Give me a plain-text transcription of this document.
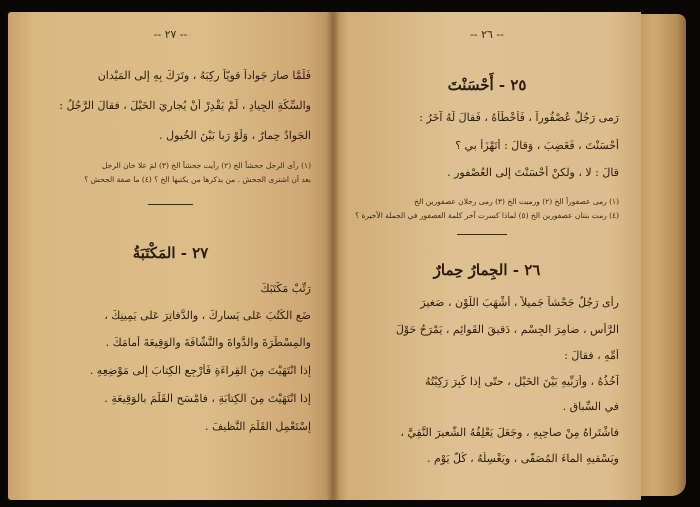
-- ٢٧ --
فَلَمَّا صارَ جَواداً قوِيّاً ركِبَهُ ، وتَرَكَ بِهِ إلى المَيْدانِ
والسِّكَةِ الجِيادِ ، لَمْ يَقْدِرْ أنْ يُجارِيَ الخَيْلَ ، فقالَ الرَّجُلُ :
الجَوادُ حِمارٌ ، وَلَوْ رَبا بَيْنَ الخُيولِ .
(١) رأى الرجل جحشاً الخ (٢) رأيت جحشاً الخ (٣) لمَ علا خان الرجل
بعد أن اشترى الجحش . من يذكرها من يكتبها الخ ؟ (٤) ما صفة الجحش ؟
٢٧ - المَكْتَبَةُ
رَتِّبْ مَكْتَبَكَ
ضَعِ الكُتُبَ عَلى يَسارِكَ ، والدَّفاتِرَ عَلى يَمِينِكَ ،
والمِسْطَرَةَ والدَّواةَ والنَّشّافَةَ والوَقِيعَةَ أمامَكَ .
إذا انْتَهَيْتَ مِنَ القِراءَةِ فَأرْجِعِ الكِتابَ إلى مَوْضِعِهِ .
إذا انْتَهَيْتَ مِنَ الكِتابَةِ ، فامْسَحِ القَلَمَ بالوَقِيعَةِ .
إسْتَعْمِلِ القَلَمَ النَّظيفَ .
-- ٢٦ --
٢٥ - أَحْسَنْتَ
رَمى رَجُلٌ عُصْفُوراً ، فَأَخْطَأهُ ، فَقالَ لَهُ آخَرُ :
أَحْسَنْتَ ، فَغَضِبَ ، وَقالَ : أَتَهْزَأُ بي ؟
قالَ : لا ، ولكنْ أَحْسَنْتَ إلى العُصْفورِ .
(١) رمى عصفوراً الخ (٢) ورميت الخ (٣) رمى رجلان عصفورين الخ
(٤) رمت بنتان عصفورين الخ (٥) لماذا كسرت آخر كلمة العصفور في الجملة الأخيرة ؟
٢٦ - الجِمارُ حِمارٌ
رأى رَجُلٌ جَحْشاً جَميلاً ، أَشْهَبَ اللَّوْنِ ، صَغيرَ
الرَّأْسِ ، ضامِرَ الجِسْمِ ، دَقيقَ القَوائِمِ ، يَمْرَحُ حَوْلَ
أُمِّهِ ، فقالَ :
آخُذُهُ ، وأُرَبِّيهِ بَيْنَ الخَيْلِ ، حتّى إذا كَبِرَ رَكِبْتُهُ
في السِّباقِ .
فاشْتَراهُ مِنْ صاحِبِهِ ، وجَعَلَ يَعْلِفُهُ الشَّعيرَ النَّقِيَّ ،
ويَسْقيهِ الماءَ المُصَفّى ، ويَغْسِلُهُ ، كُلَّ يَوْمٍ .
